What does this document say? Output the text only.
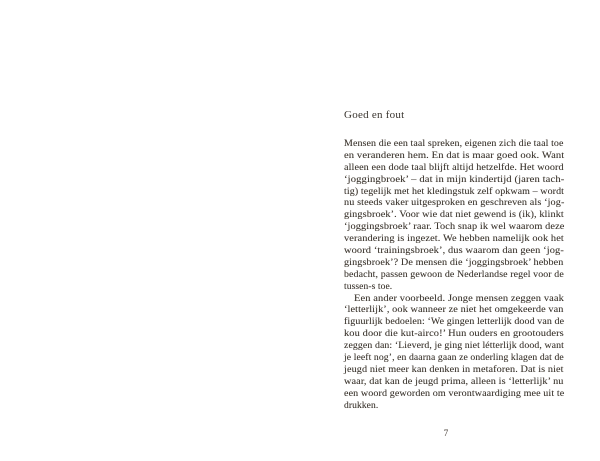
Goed en fout
Mensen die een taal spreken, eigenen zich die taal toe
en veranderen hem. En dat is maar goed ook. Want
alleen een dode taal blijft altijd hetzelfde. Het woord
‘joggingbroek’ – dat in mijn kindertijd (jaren tach-
tig) tegelijk met het kledingstuk zelf opkwam – wordt
nu steeds vaker uitgesproken en geschreven als ‘jog-
gingsbroek’. Voor wie dat niet gewend is (ik), klinkt
‘joggingsbroek’ raar. Toch snap ik wel waarom deze
verandering is ingezet. We hebben namelijk ook het
woord ‘trainingsbroek’, dus waarom dan geen ‘jog-
gingsbroek’? De mensen die ‘joggingsbroek’ hebben
bedacht, passen gewoon de Nederlandse regel voor de
tussen-s toe.
Een ander voorbeeld. Jonge mensen zeggen vaak
‘letterlijk’, ook wanneer ze niet het omgekeerde van
figuurlijk bedoelen: ‘We gingen letterlijk dood van de
kou door die kut-airco!’ Hun ouders en grootouders
zeggen dan: ‘Lieverd, je ging niet létterlijk dood, want
je leeft nog’, en daarna gaan ze onderling klagen dat de
jeugd niet meer kan denken in metaforen. Dat is niet
waar, dat kan de jeugd prima, alleen is ‘letterlijk’ nu
een woord geworden om verontwaardiging mee uit te
drukken.
7
